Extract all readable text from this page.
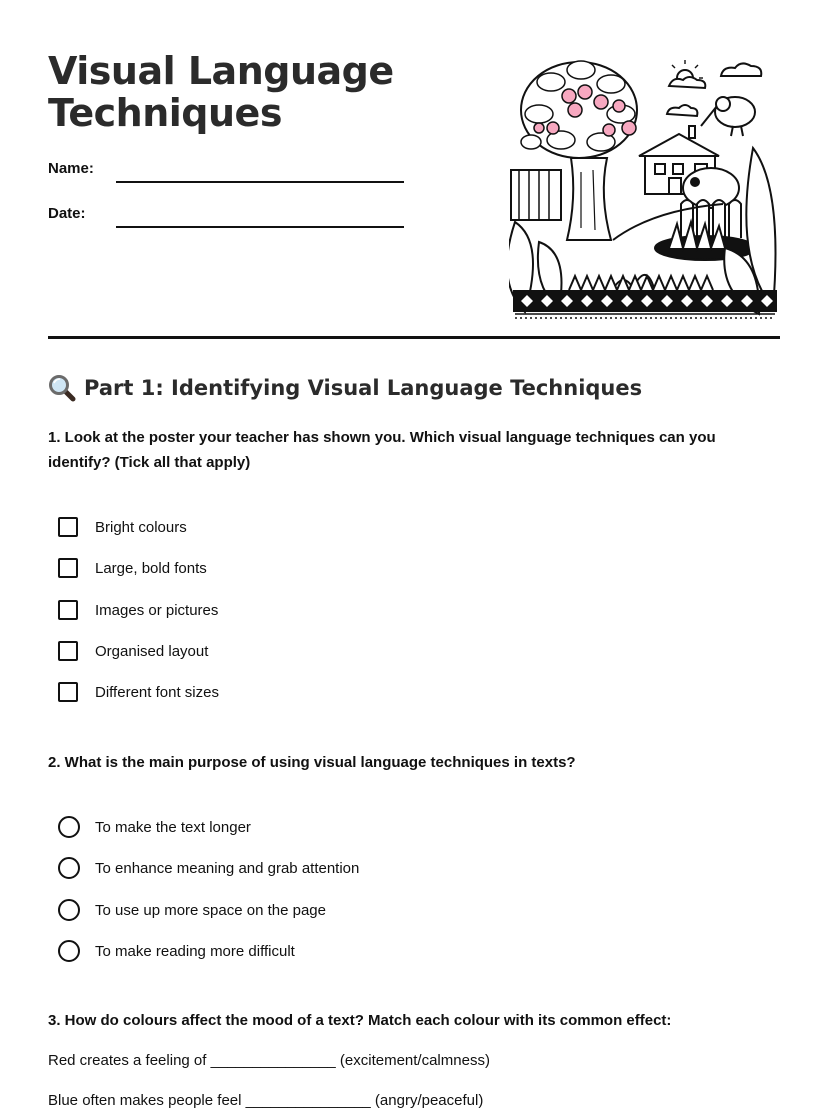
Visual Language
Techniques
Name:
Date:
Part 1: Identifying Visual Language Techniques

1. Look at the poster your teacher has shown you. Which visual language techniques can you identify? (Tick all that apply)

Bright colours
Large, bold fonts
Images or pictures
Organised layout
Different font sizes

2. What is the main purpose of using visual language techniques in texts?

To make the text longer
To enhance meaning and grab attention
To use up more space on the page
To make reading more difficult

3. How do colours affect the mood of a text? Match each colour with its common effect:

Red creates a feeling of _______________ (excitement/calmness)
Blue often makes people feel _______________ (angry/peaceful)
